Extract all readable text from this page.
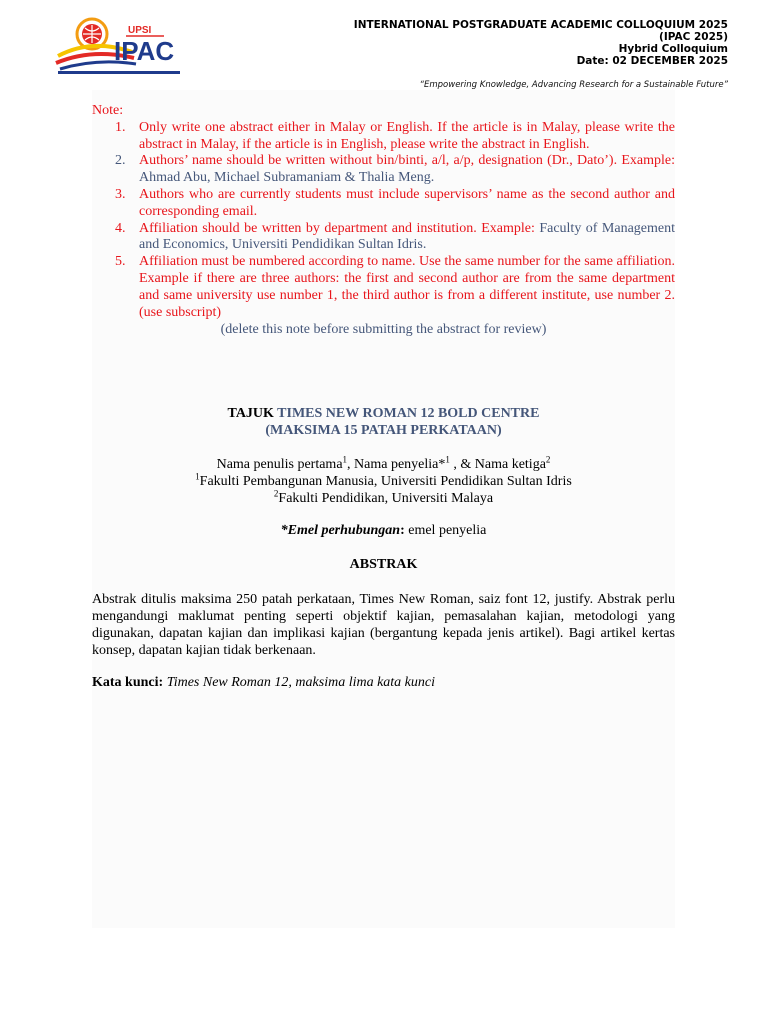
UPSI
IPAC
INTERNATIONAL POSTGRADUATE ACADEMIC COLLOQUIUM 2025
(IPAC 2025)
Hybrid Colloquium
Date: 02 DECEMBER 2025
“Empowering Knowledge, Advancing Research for a Sustainable Future”

Note:

1. Only write one abstract either in Malay or English. If the article is in Malay, please write the abstract in Malay, if the article is in English, please write the abstract in English.
2. Authors’ name should be written without bin/binti, a/l, a/p, designation (Dr., Dato’). Example: Ahmad Abu, Michael Subramaniam & Thalia Meng.
3. Authors who are currently students must include supervisors’ name as the second author and corresponding email.
4. Affiliation should be written by department and institution. Example: Faculty of Management and Economics, Universiti Pendidikan Sultan Idris.
5. Affiliation must be numbered according to name. Use the same number for the same affiliation. Example if there are three authors: the first and second author are from the same department and same university use number 1, the third author is from a different institute, use number 2.(use subscript)
(delete this note before submitting the abstract for review)
TAJUK TIMES NEW ROMAN 12 BOLD CENTRE
(MAKSIMA 15 PATAH PERKATAAN)
Nama penulis pertama$^1$, Nama penyelia*$^1$ , & Nama ketiga$^2$
$^1$Fakulti Pembangunan Manusia, Universiti Pendidikan Sultan Idris
$^2$Fakulti Pendidikan, Universiti Malaya
*Emel perhubungan: emel penyelia
ABSTRAK

Abstrak ditulis maksima 250 patah perkataan, Times New Roman, saiz font 12, justify. Abstrak perlu mengandungi maklumat penting seperti objektif kajian, pemasalahan kajian, metodologi yang digunakan, dapatan kajian dan implikasi kajian (bergantung kepada jenis artikel). Bagi artikel kertas konsep, dapatan kajian tidak berkenaan.

Kata kunci: Times New Roman 12, maksima lima kata kunci
